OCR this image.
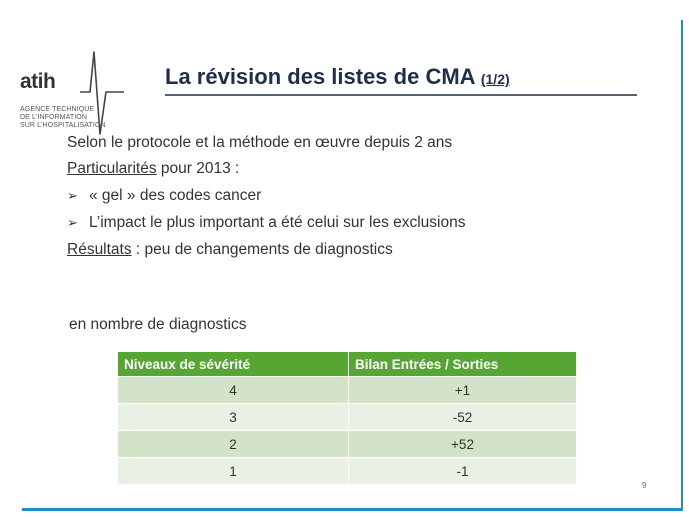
atih
AGENCE TECHNIQUE
DE L'INFORMATION
SUR L'HOSPITALISATION
La révision des listes de CMA (1/2)
Selon le protocole et la méthode en œuvre depuis 2 ans
Particularités pour 2013 :
➢ « gel » des codes cancer
➢ L’impact le plus important a été celui sur les exclusions
Résultats : peu de changements de diagnostics
en nombre de diagnostics
Niveaux de sévérité	Bilan Entrées / Sorties
4	+1
3	-52
2	+52
1	-1
9
